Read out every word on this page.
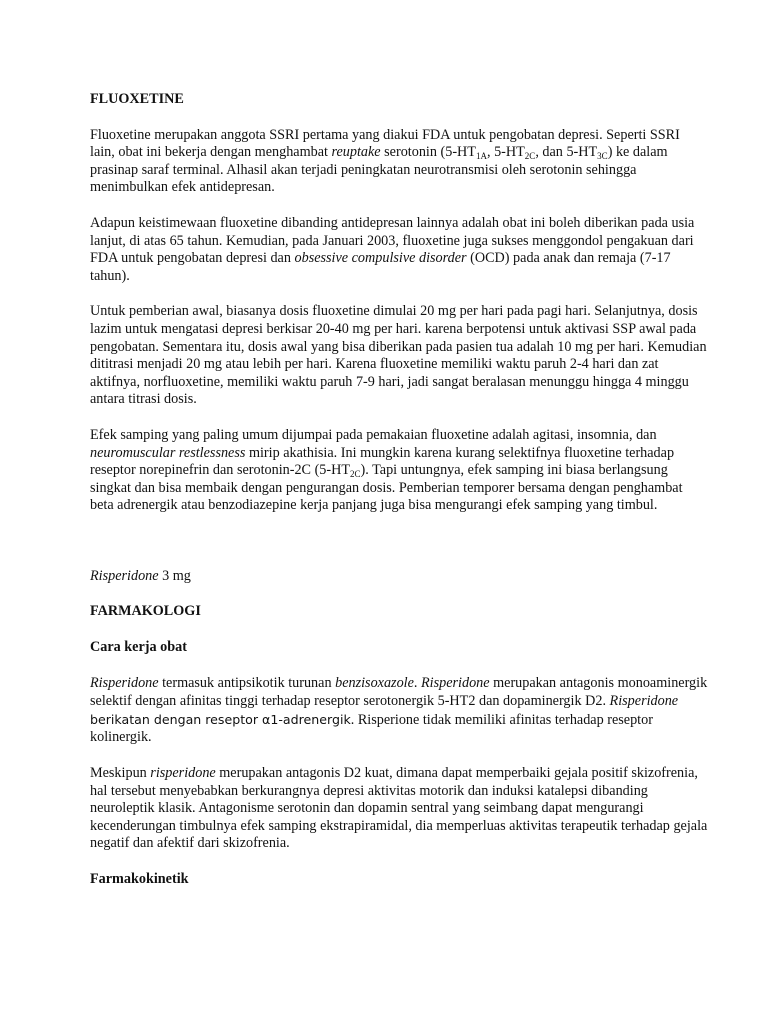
FLUOXETINE

Fluoxetine merupakan anggota SSRI pertama yang diakui FDA untuk pengobatan depresi. Seperti SSRI lain, obat ini bekerja dengan menghambat reuptake serotonin ($5-HT_{1A}$, $5-HT_{2C}$, dan $5-HT_{3C}$) ke dalam prasinap saraf terminal. Alhasil akan terjadi peningkatan neurotransmisi oleh serotonin sehingga menimbulkan efek antidepresan.

Adapun keistimewaan fluoxetine dibanding antidepresan lainnya adalah obat ini boleh diberikan pada usia lanjut, di atas 65 tahun. Kemudian, pada Januari 2003, fluoxetine juga sukses menggondol pengakuan dari FDA untuk pengobatan depresi dan obsessive compulsive disorder (OCD) pada anak dan remaja (7-17 tahun).

Untuk pemberian awal, biasanya dosis fluoxetine dimulai 20 mg per hari pada pagi hari. Selanjutnya, dosis lazim untuk mengatasi depresi berkisar 20-40 mg per hari. karena berpotensi untuk aktivasi SSP awal pada pengobatan. Sementara itu, dosis awal yang bisa diberikan pada pasien tua adalah 10 mg per hari. Kemudian dititrasi menjadi 20 mg atau lebih per hari. Karena fluoxetine memiliki waktu paruh 2-4 hari dan zat aktifnya, norfluoxetine, memiliki waktu paruh 7-9 hari, jadi sangat beralasan menunggu hingga 4 minggu antara titrasi dosis.

Efek samping yang paling umum dijumpai pada pemakaian fluoxetine adalah agitasi, insomnia, dan neuromuscular restlessness mirip akathisia. Ini mungkin karena kurang selektifnya fluoxetine terhadap reseptor norepinefrin dan serotonin-2C $(5-HT_{2C})$. Tapi untungnya, efek samping ini biasa berlangsung singkat dan bisa membaik dengan pengurangan dosis. Pemberian temporer bersama dengan penghambat beta adrenergik atau benzodiazepine kerja panjang juga bisa mengurangi efek samping yang timbul.

Risperidone 3 mg

FARMAKOLOGI

Cara kerja obat

Risperidone termasuk antipsikotik turunan benzisoxazole. Risperidone merupakan antagonis monoaminergik selektif dengan afinitas tinggi terhadap reseptor serotonergik 5-HT2 dan dopaminergik D2. Risperidone berikatan dengan reseptor α1-adrenergik. Risperione tidak memiliki afinitas terhadap reseptor kolinergik.

Meskipun risperidone merupakan antagonis D2 kuat, dimana dapat memperbaiki gejala positif skizofrenia, hal tersebut menyebabkan berkurangnya depresi aktivitas motorik dan induksi katalepsi dibanding neuroleptik klasik. Antagonisme serotonin dan dopamin sentral yang seimbang dapat mengurangi kecenderungan timbulnya efek samping ekstrapiramidal, dia memperluas aktivitas terapeutik terhadap gejala negatif dan afektif dari skizofrenia.

Farmakokinetik
